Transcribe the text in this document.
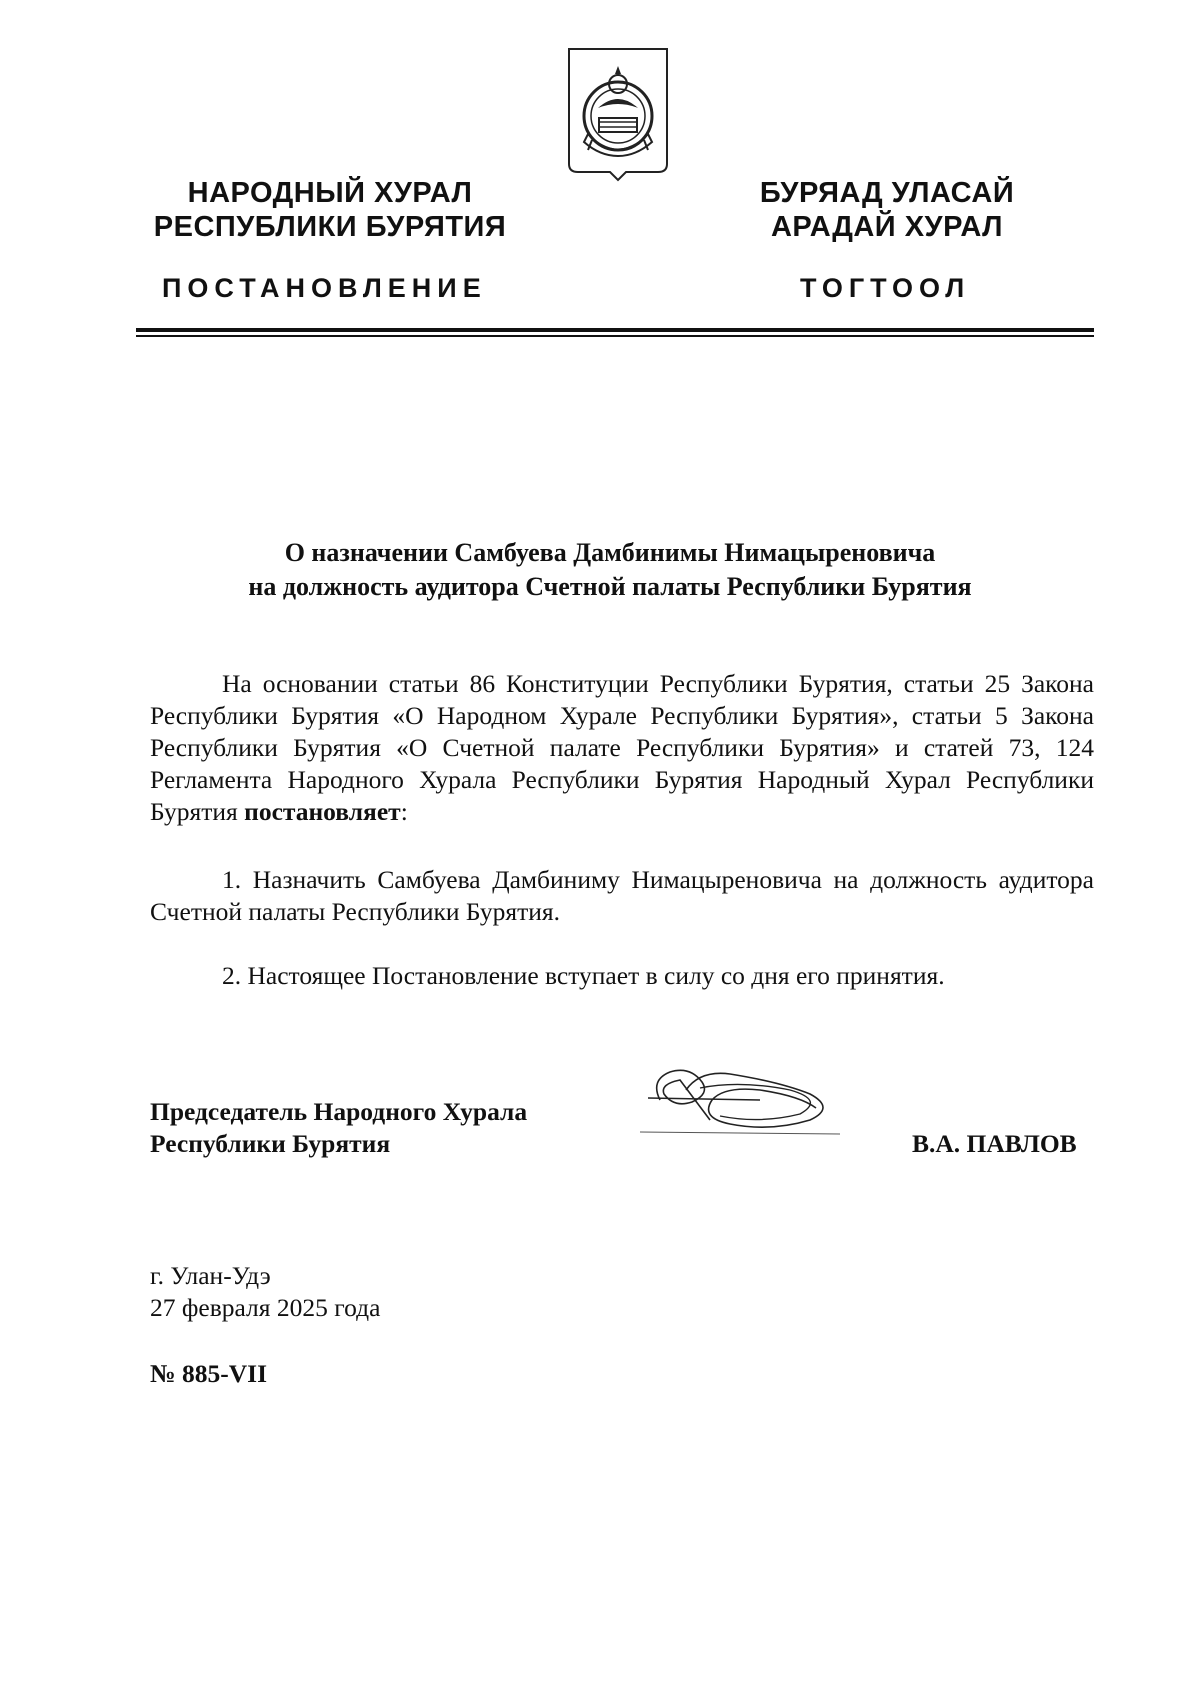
НАРОДНЫЙ ХУРАЛ
РЕСПУБЛИКИ БУРЯТИЯ
БУРЯАД УЛАСАЙ
АРАДАЙ ХУРАЛ
ПОСТАНОВЛЕНИЕ	ТОГТООЛ
О назначении Самбуева Дамбинимы Нимацыреновича
на должность аудитора Счетной палаты Республики Бурятия
На основании статьи 86 Конституции Республики Бурятия, статьи 25 Закона Республики Бурятия «О Народном Хурале Республики Бурятия», статьи 5 Закона Республики Бурятия «О Счетной палате Республики Бурятия» и статей 73, 124 Регламента Народного Хурала Республики Бурятия Народный Хурал Республики Бурятия постановляет:
1. Назначить Самбуева Дамбиниму Нимацыреновича на должность аудитора Счетной палаты Республики Бурятия.
2. Настоящее Постановление вступает в силу со дня его принятия.
Председатель Народного Хурала
Республики Бурятия	В.А. ПАВЛОВ
г. Улан-Удэ
27 февраля 2025 года
№ 885-VII
